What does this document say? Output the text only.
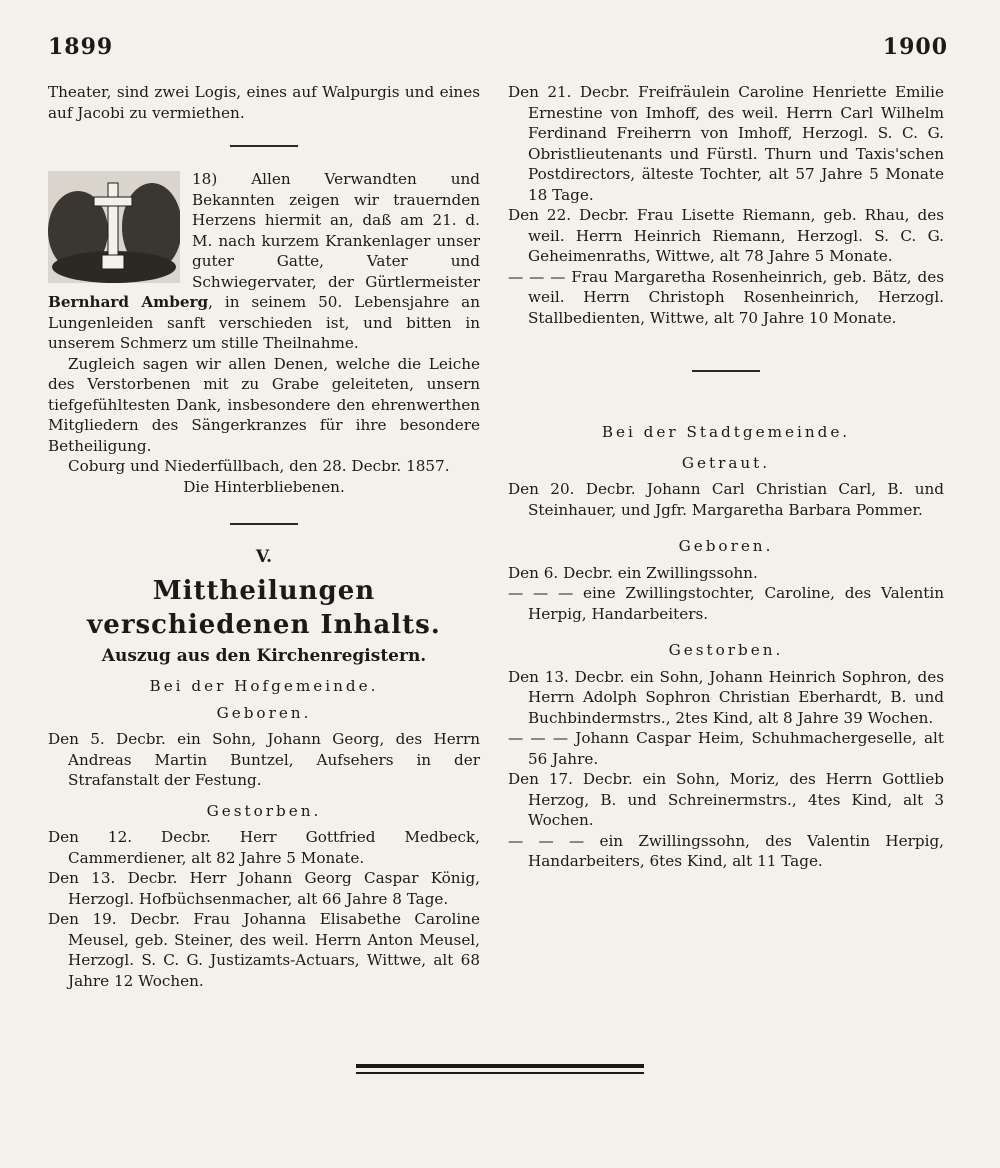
1899	1900

Theater, sind zwei Logis, eines auf Walpurgis und eines auf Jacobi zu vermiethen.

18) Allen Verwandten und Bekannten zeigen wir trauernden Herzens hiermit an, daß am 21. d. M. nach kurzem Krankenlager unser guter Gatte, Vater und Schwiegervater, der Gürtlermeister Bernhard Amberg, in seinem 50. Lebensjahre an Lungenleiden sanft verschieden ist, und bitten in unserem Schmerz um stille Theilnahme.

Zugleich sagen wir allen Denen, welche die Leiche des Verstorbenen mit zu Grabe geleiteten, unsern tiefgefühltesten Dank, insbesondere den ehrenwerthen Mitgliedern des Sängerkranzes für ihre besondere Betheiligung.

Coburg und Niederfüllbach, den 28. Decbr. 1857.

Die Hinterbliebenen.

V.

Mittheilungen verschiedenen Inhalts.

Auszug aus den Kirchenregistern.

Bei der Hofgemeinde.

Geboren.

Den 5. Decbr. ein Sohn, Johann Georg, des Herrn Andreas Martin Buntzel, Aufsehers in der Strafanstalt der Festung.

Gestorben.

Den 12. Decbr. Herr Gottfried Medbeck, Cammerdiener, alt 82 Jahre 5 Monate.

Den 13. Decbr. Herr Johann Georg Caspar König, Herzogl. Hofbüchsenmacher, alt 66 Jahre 8 Tage.

Den 19. Decbr. Frau Johanna Elisabethe Caroline Meusel, geb. Steiner, des weil. Herrn Anton Meusel, Herzogl. S. C. G. Justizamts-Actuars, Wittwe, alt 68 Jahre 12 Wochen.

Den 21. Decbr. Freifräulein Caroline Henriette Emilie Ernestine von Imhoff, des weil. Herrn Carl Wilhelm Ferdinand Freiherrn von Imhoff, Herzogl. S. C. G. Obristlieutenants und Fürstl. Thurn und Taxis'schen Postdirectors, älteste Tochter, alt 57 Jahre 5 Monate 18 Tage.

Den 22. Decbr. Frau Lisette Riemann, geb. Rhau, des weil. Herrn Heinrich Riemann, Herzogl. S. C. G. Geheimenraths, Wittwe, alt 78 Jahre 5 Monate.

— — — Frau Margaretha Rosenheinrich, geb. Bätz, des weil. Herrn Christoph Rosenheinrich, Herzogl. Stallbedienten, Wittwe, alt 70 Jahre 10 Monate.

Bei der Stadtgemeinde.

Getraut.

Den 20. Decbr. Johann Carl Christian Carl, B. und Steinhauer, und Jgfr. Margaretha Barbara Pommer.

Geboren.

Den 6. Decbr. ein Zwillingssohn.

— — — eine Zwillingstochter, Caroline, des Valentin Herpig, Handarbeiters.

Gestorben.

Den 13. Decbr. ein Sohn, Johann Heinrich Sophron, des Herrn Adolph Sophron Christian Eberhardt, B. und Buchbindermstrs., 2tes Kind, alt 8 Jahre 39 Wochen.

— — — Johann Caspar Heim, Schuhmachergeselle, alt 56 Jahre.

Den 17. Decbr. ein Sohn, Moriz, des Herrn Gottlieb Herzog, B. und Schreinermstrs., 4tes Kind, alt 3 Wochen.

— — — ein Zwillingssohn, des Valentin Herpig, Handarbeiters, 6tes Kind, alt 11 Tage.
